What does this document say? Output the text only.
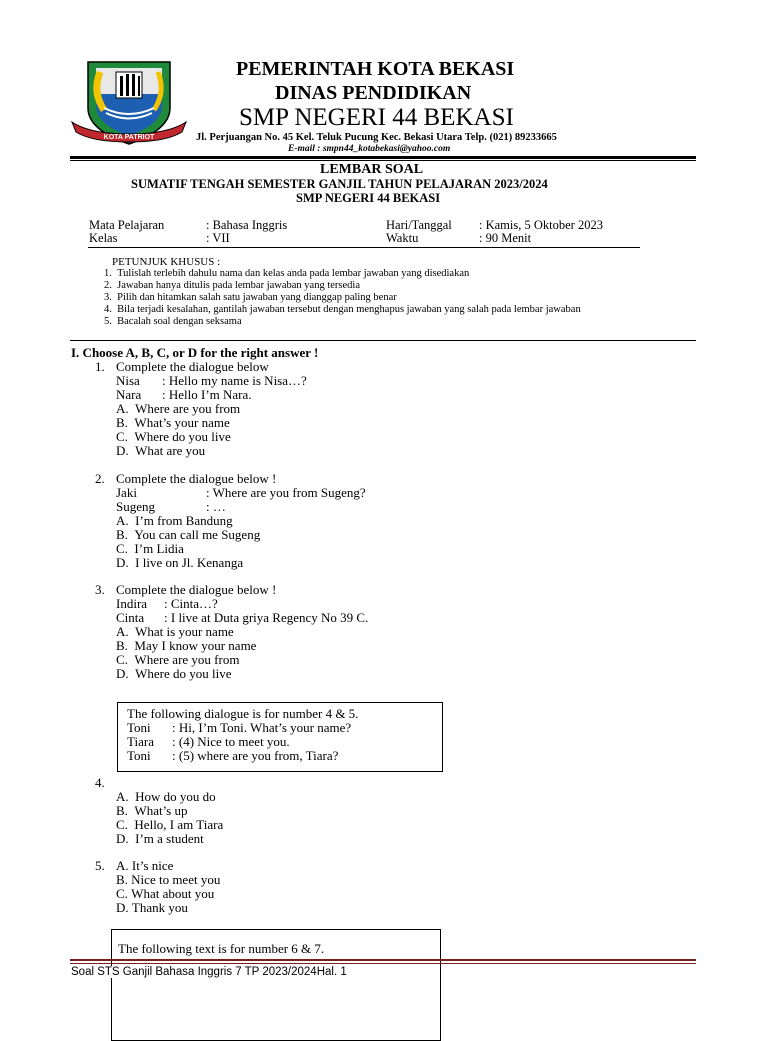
KOTA PATRIOT
PEMERINTAH KOTA BEKASI
DINAS PENDIDIKAN
SMP NEGERI 44 BEKASI
Jl. Perjuangan No. 45 Kel. Teluk Pucung Kec. Bekasi Utara Telp. (021) 89233665
E-mail : smpn44_kotabekasi@yahoo.com
LEMBAR SOAL
SUMATIF TENGAH SEMESTER GANJIL TAHUN PELAJARAN 2023/2024
SMP NEGERI 44 BEKASI
Mata Pelajaran	: Bahasa Inggris	Hari/Tanggal : Kamis, 5 Oktober 2023
Kelas	: VII	Waktu	: 90 Menit
PETUNJUK KHUSUS :
1. Tulislah terlebih dahulu nama dan kelas anda pada lembar jawaban yang disediakan
2. Jawaban hanya ditulis pada lembar jawaban yang tersedia
3. Pilih dan hitamkan salah satu jawaban yang dianggap paling benar
4. Bila terjadi kesalahan, gantilah jawaban tersebut dengan menghapus jawaban yang salah pada lembar jawaban
5. Bacalah soal dengan seksama
I. Choose A, B, C, or D for the right answer !
1. Complete the dialogue below
Nisa : Hello my name is Nisa…?
Nara : Hello I’m Nara.
A. Where are you from
B. What’s your name
C. Where do you live
D. What are you
2. Complete the dialogue below !
Jaki	: Where are you from Sugeng?
Sugeng	: …
A. I’m from Bandung
B. You can call me Sugeng
C. I’m Lidia
D. I live on Jl. Kenanga
3. Complete the dialogue below !
Indira : Cinta…?
Cinta : I live at Duta griya Regency No 39 C.
A. What is your name
B. May I know your name
C. Where are you from
D. Where do you live
The following dialogue is for number 4 & 5.
Toni : Hi, I’m Toni. What’s your name?
Tiara : (4) Nice to meet you.
Toni : (5) where are you from, Tiara?
4.
A. How do you do
B. What’s up
C. Hello, I am Tiara
D. I’m a student
5. A. It’s nice
B. Nice to meet you
C. What about you
D. Thank you
The following text is for number 6 & 7.
Soal STS Ganjil Bahasa Inggris 7 TP 2023/2024Hal. 1
